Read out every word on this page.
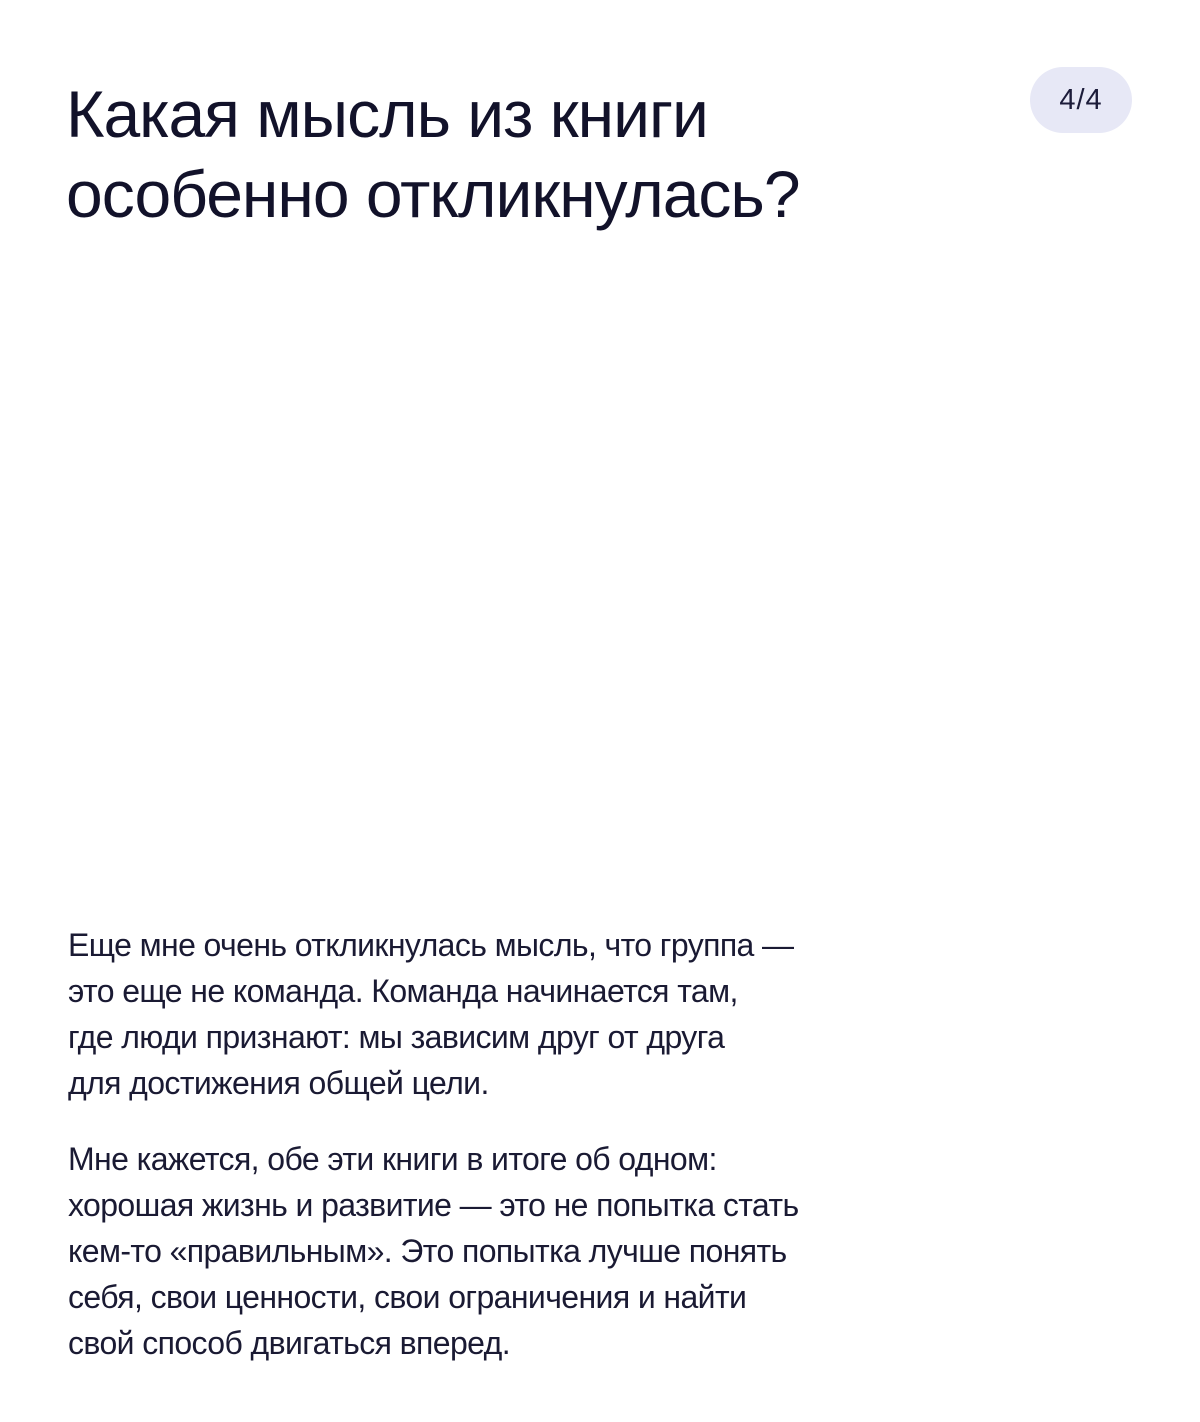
Какая мысль из книги
особенно откликнулась?
4/4

Еще мне очень откликнулась мысль, что группа —
это еще не команда. Команда начинается там,
где люди признают: мы зависим друг от друга
для достижения общей цели.

Мне кажется, обе эти книги в итоге об одном:
хорошая жизнь и развитие — это не попытка стать
кем-то «правильным». Это попытка лучше понять
себя, свои ценности, свои ограничения и найти
свой способ двигаться вперед.
